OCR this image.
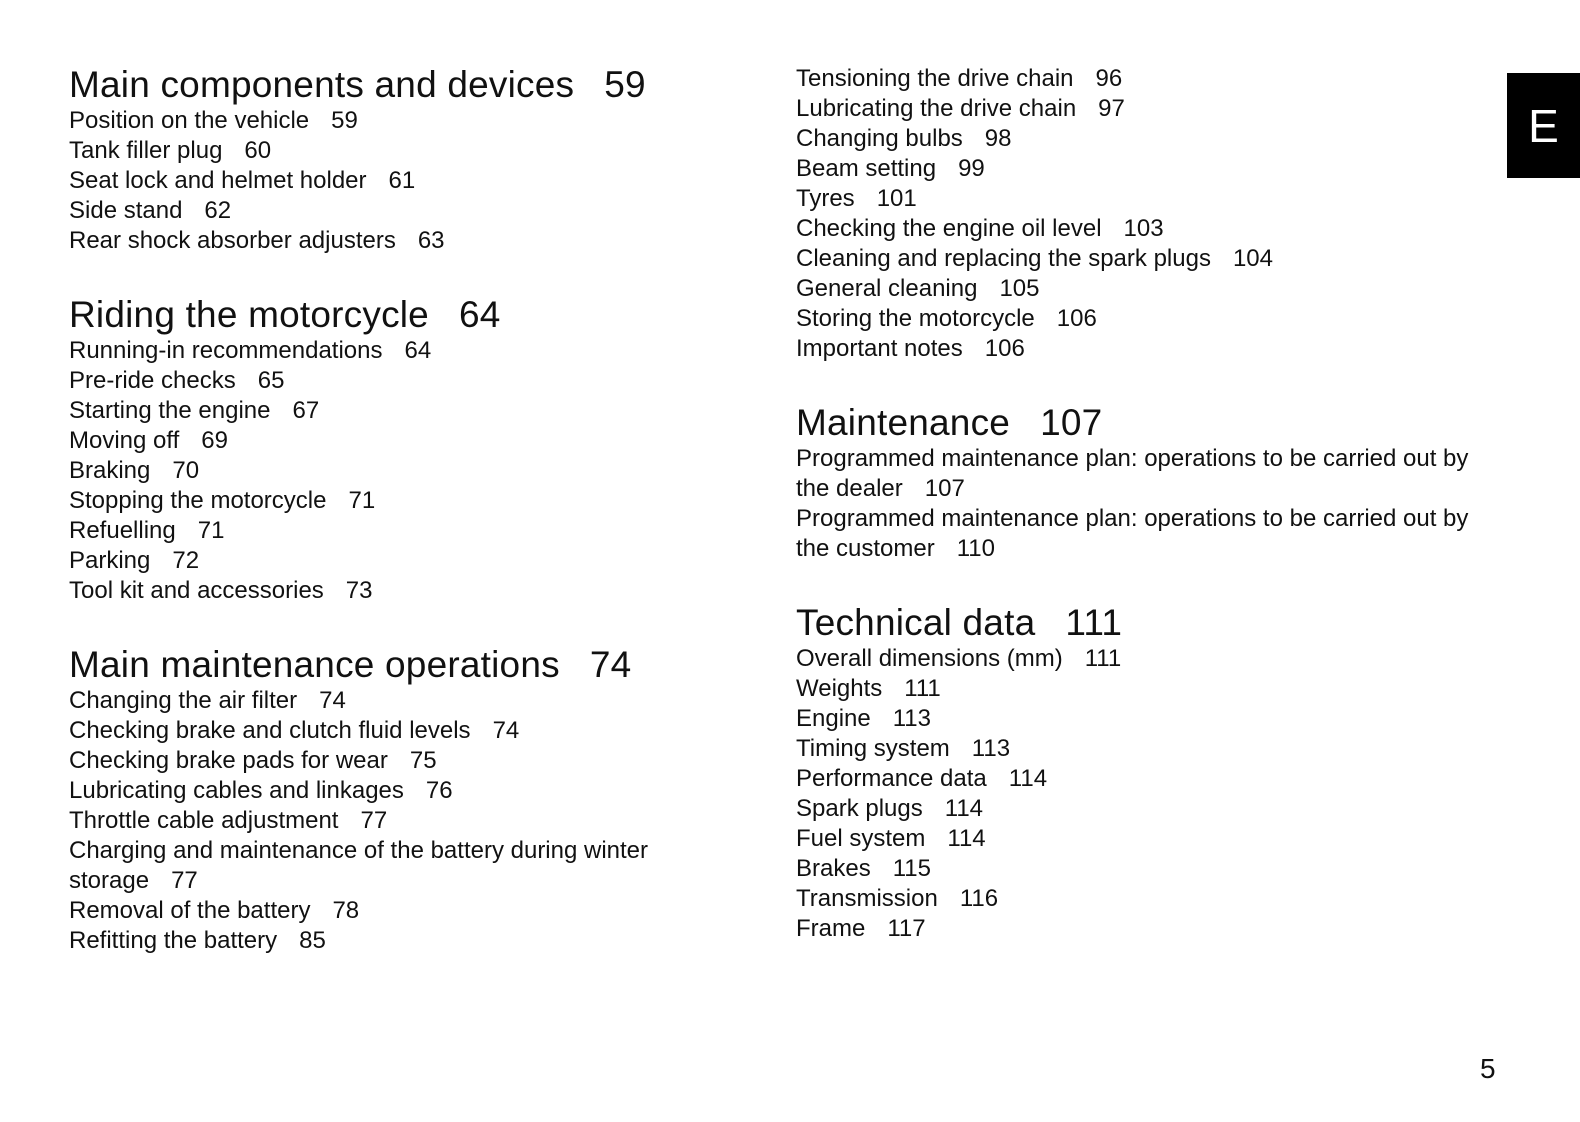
Main components and devices 59
Position on the vehicle 59
Tank filler plug 60
Seat lock and helmet holder 61
Side stand 62
Rear shock absorber adjusters 63
Riding the motorcycle 64
Running-in recommendations 64
Pre-ride checks 65
Starting the engine 67
Moving off 69
Braking 70
Stopping the motorcycle 71
Refuelling 71
Parking 72
Tool kit and accessories 73
Main maintenance operations 74
Changing the air filter 74
Checking brake and clutch fluid levels 74
Checking brake pads for wear 75
Lubricating cables and linkages 76
Throttle cable adjustment 77
Charging and maintenance of the battery during winter storage 77
Removal of the battery 78
Refitting the battery 85
Tensioning the drive chain 96
Lubricating the drive chain 97
Changing bulbs 98
Beam setting 99
Tyres 101
Checking the engine oil level 103
Cleaning and replacing the spark plugs 104
General cleaning 105
Storing the motorcycle 106
Important notes 106
Maintenance 107
Programmed maintenance plan: operations to be carried out by the dealer 107
Programmed maintenance plan: operations to be carried out by the customer 110
Technical data 111
Overall dimensions (mm) 111
Weights 111
Engine 113
Timing system 113
Performance data 114
Spark plugs 114
Fuel system 114
Brakes 115
Transmission 116
Frame 117
E
5
